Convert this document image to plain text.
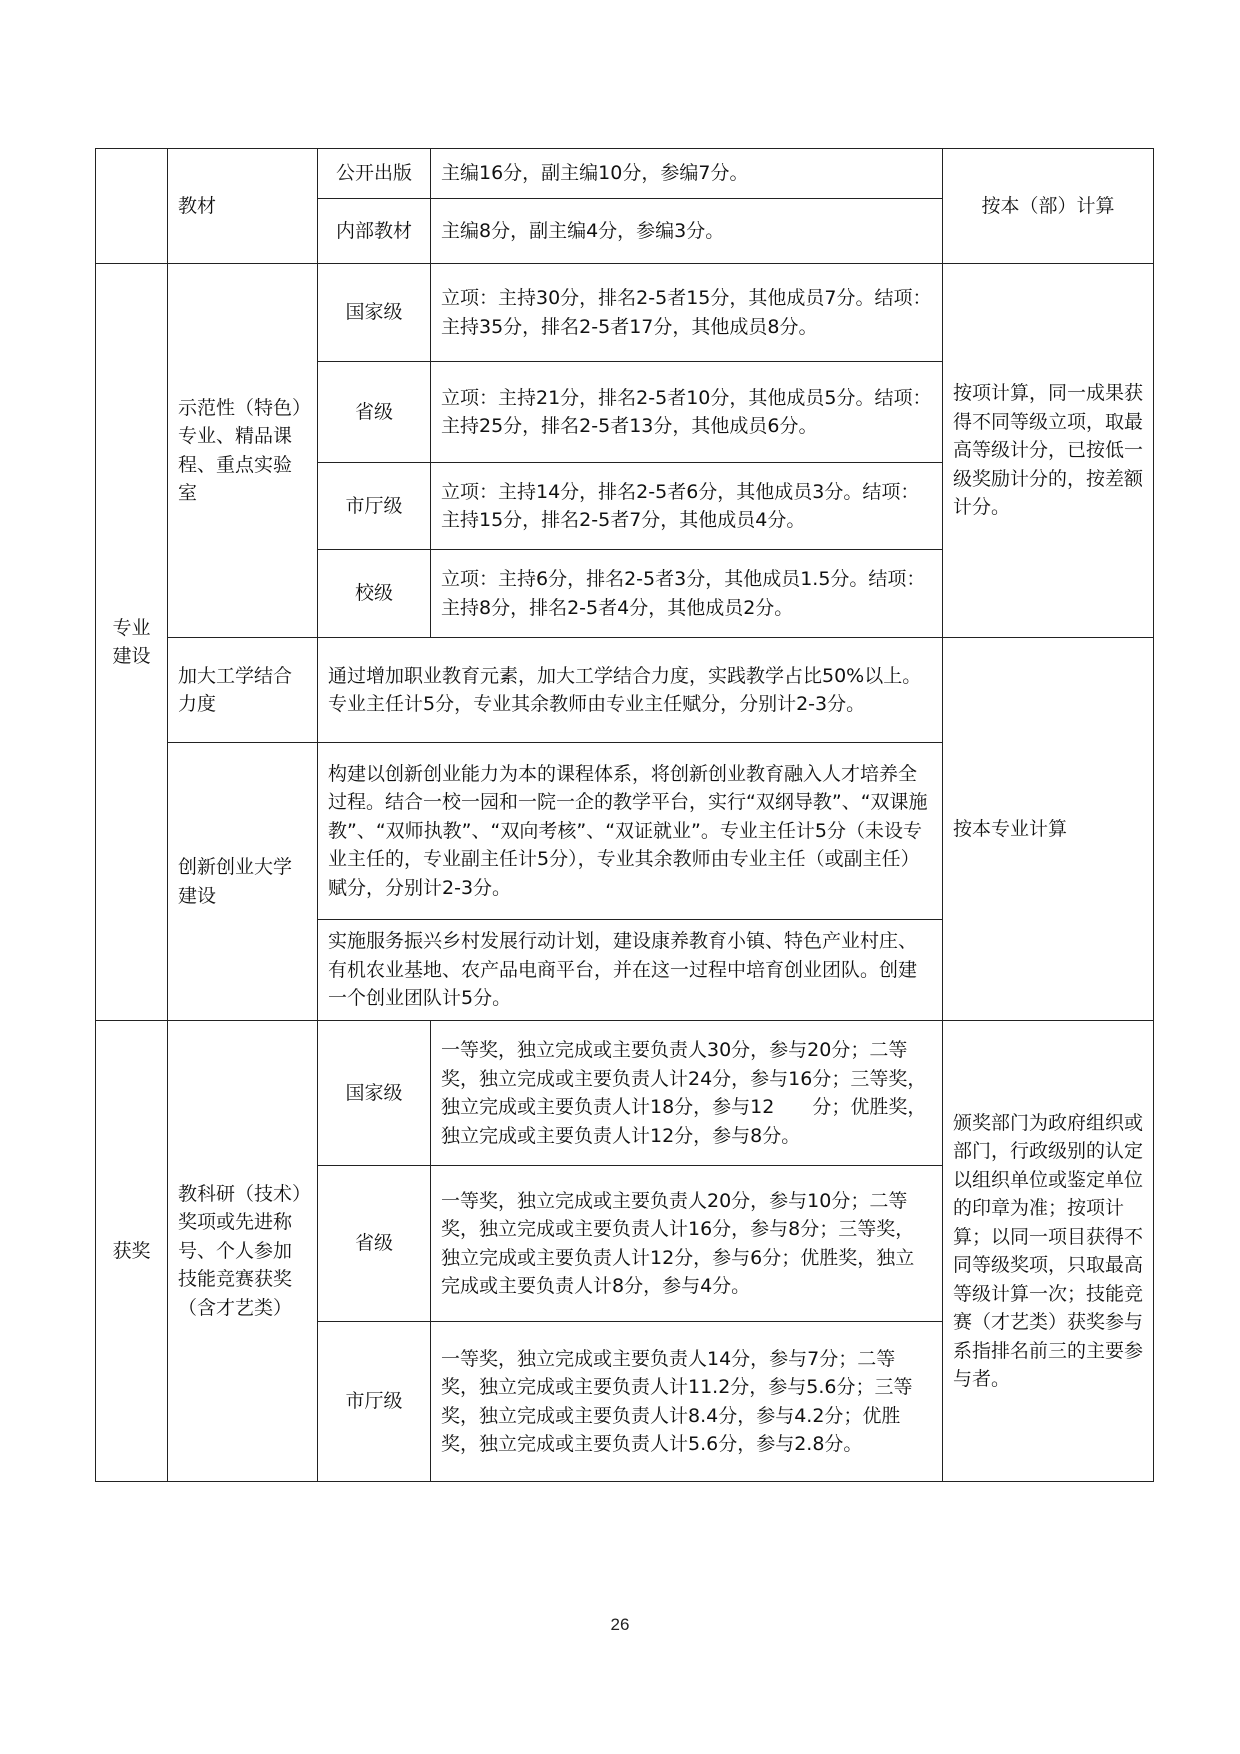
	教材	公开出版	主编16分，副主编10分，参编7分。	按本（部）计算
		内部教材	主编8分，副主编4分，参编3分。	
专业建设	示范性（特色）专业、精品课程、重点实验室	国家级	立项：主持30分，排名2-5者15分，其他成员7分。结项：主持35分，排名2-5者17分，其他成员8分。	按项计算，同一成果获得不同等级立项，取最高等级计分，已按低一级奖励计分的，按差额计分。
		省级	立项：主持21分，排名2-5者10分，其他成员5分。结项：主持25分，排名2-5者13分，其他成员6分。	
		市厅级	立项：主持14分，排名2-5者6分，其他成员3分。结项：主持15分，排名2-5者7分，其他成员4分。	
		校级	立项：主持6分，排名2-5者3分，其他成员1.5分。结项：主持8分，排名2-5者4分，其他成员2分。	
	加大工学结合力度	通过增加职业教育元素，加大工学结合力度，实践教学占比50%以上。专业主任计5分，专业其余教师由专业主任赋分，分别计2-3分。		按本专业计算
	创新创业大学建设	构建以创新创业能力为本的课程体系，将创新创业教育融入人才培养全过程。结合一校一园和一院一企的教学平台，实行“双纲导教”、“双课施教”、“双师执教”、“双向考核”、“双证就业”。专业主任计5分（未设专业主任的，专业副主任计5分），专业其余教师由专业主任（或副主任）赋分，分别计2-3分。		
		实施服务振兴乡村发展行动计划，建设康养教育小镇、特色产业村庄、有机农业基地、农产品电商平台，并在这一过程中培育创业团队。创建一个创业团队计5分。		
获奖	教科研（技术）奖项或先进称号、个人参加技能竞赛获奖（含才艺类）	国家级	一等奖，独立完成或主要负责人30分，参与20分；二等奖，独立完成或主要负责人计24分，参与16分；三等奖，独立完成或主要负责人计18分，参与12　　分；优胜奖，独立完成或主要负责人计12分，参与8分。	颁奖部门为政府组织或部门，行政级别的认定以组织单位或鉴定单位的印章为准；按项计算；以同一项目获得不同等级奖项，只取最高等级计算一次；技能竞赛（才艺类）获奖参与系指排名前三的主要参与者。
		省级	一等奖，独立完成或主要负责人20分，参与10分；二等奖，独立完成或主要负责人计16分，参与8分；三等奖，独立完成或主要负责人计12分，参与6分；优胜奖，独立完成或主要负责人计8分，参与4分。	
		市厅级	一等奖，独立完成或主要负责人14分，参与7分；二等奖，独立完成或主要负责人计11.2分，参与5.6分；三等奖，独立完成或主要负责人计8.4分，参与4.2分；优胜奖，独立完成或主要负责人计5.6分，参与2.8分。	
26
